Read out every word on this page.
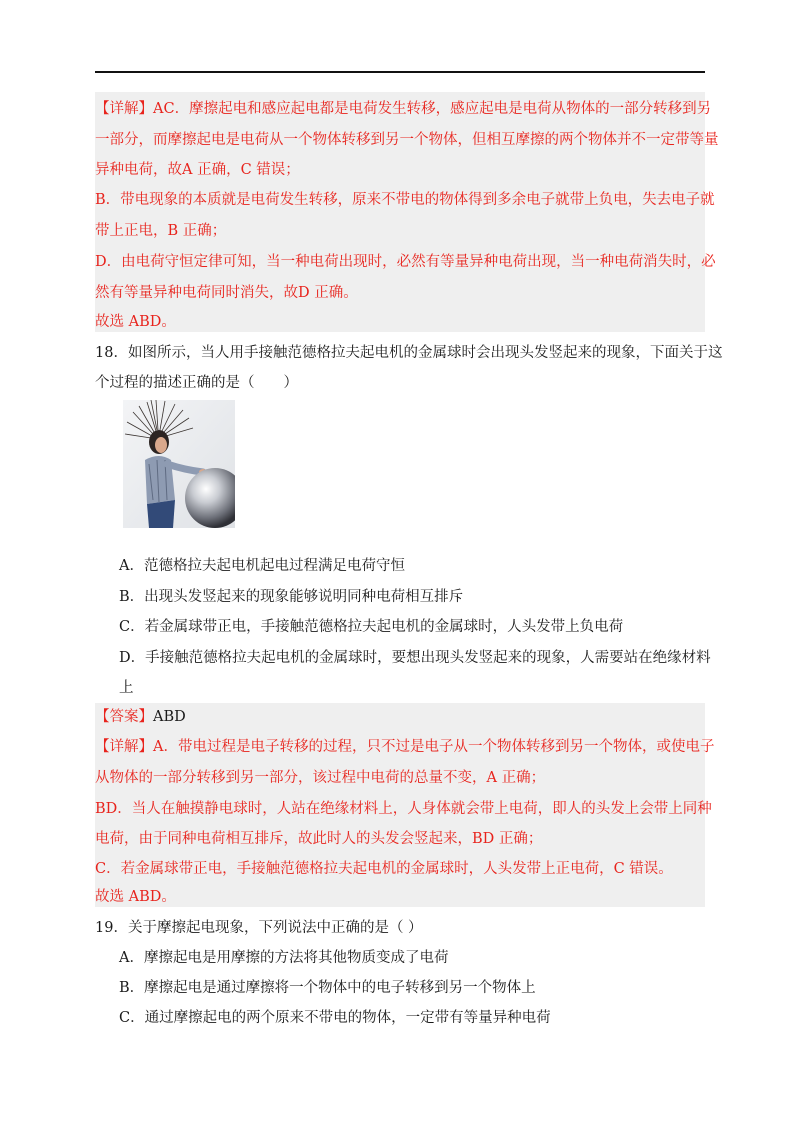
【详解】AC．摩擦起电和感应起电都是电荷发生转移，感应起电是电荷从物体的一部分转移到另
一部分，而摩擦起电是电荷从一个物体转移到另一个物体，但相互摩擦的两个物体并不一定带等量
异种电荷，故A 正确，C 错误；
B．带电现象的本质就是电荷发生转移，原来不带电的物体得到多余电子就带上负电，失去电子就
带上正电，B 正确；
D．由电荷守恒定律可知，当一种电荷出现时，必然有等量异种电荷出现，当一种电荷消失时，必
然有等量异种电荷同时消失，故D 正确。
故选 ABD。
18．如图所示，当人用手接触范德格拉夫起电机的金属球时会出现头发竖起来的现象，下面关于这
个过程的描述正确的是（　　）
A．范德格拉夫起电机起电过程满足电荷守恒
B．出现头发竖起来的现象能够说明同种电荷相互排斥
C．若金属球带正电，手接触范德格拉夫起电机的金属球时，人头发带上负电荷
D．手接触范德格拉夫起电机的金属球时，要想出现头发竖起来的现象，人需要站在绝缘材料
上
【答案】ABD
【详解】A．带电过程是电子转移的过程，只不过是电子从一个物体转移到另一个物体，或使电子
从物体的一部分转移到另一部分，该过程中电荷的总量不变，A 正确；
BD．当人在触摸静电球时，人站在绝缘材料上，人身体就会带上电荷，即人的头发上会带上同种
电荷，由于同种电荷相互排斥，故此时人的头发会竖起来，BD 正确；
C．若金属球带正电，手接触范德格拉夫起电机的金属球时，人头发带上正电荷，C 错误。
故选 ABD。
19．关于摩擦起电现象，下列说法中正确的是（ ）
A．摩擦起电是用摩擦的方法将其他物质变成了电荷
B．摩擦起电是通过摩擦将一个物体中的电子转移到另一个物体上
C．通过摩擦起电的两个原来不带电的物体，一定带有等量异种电荷
